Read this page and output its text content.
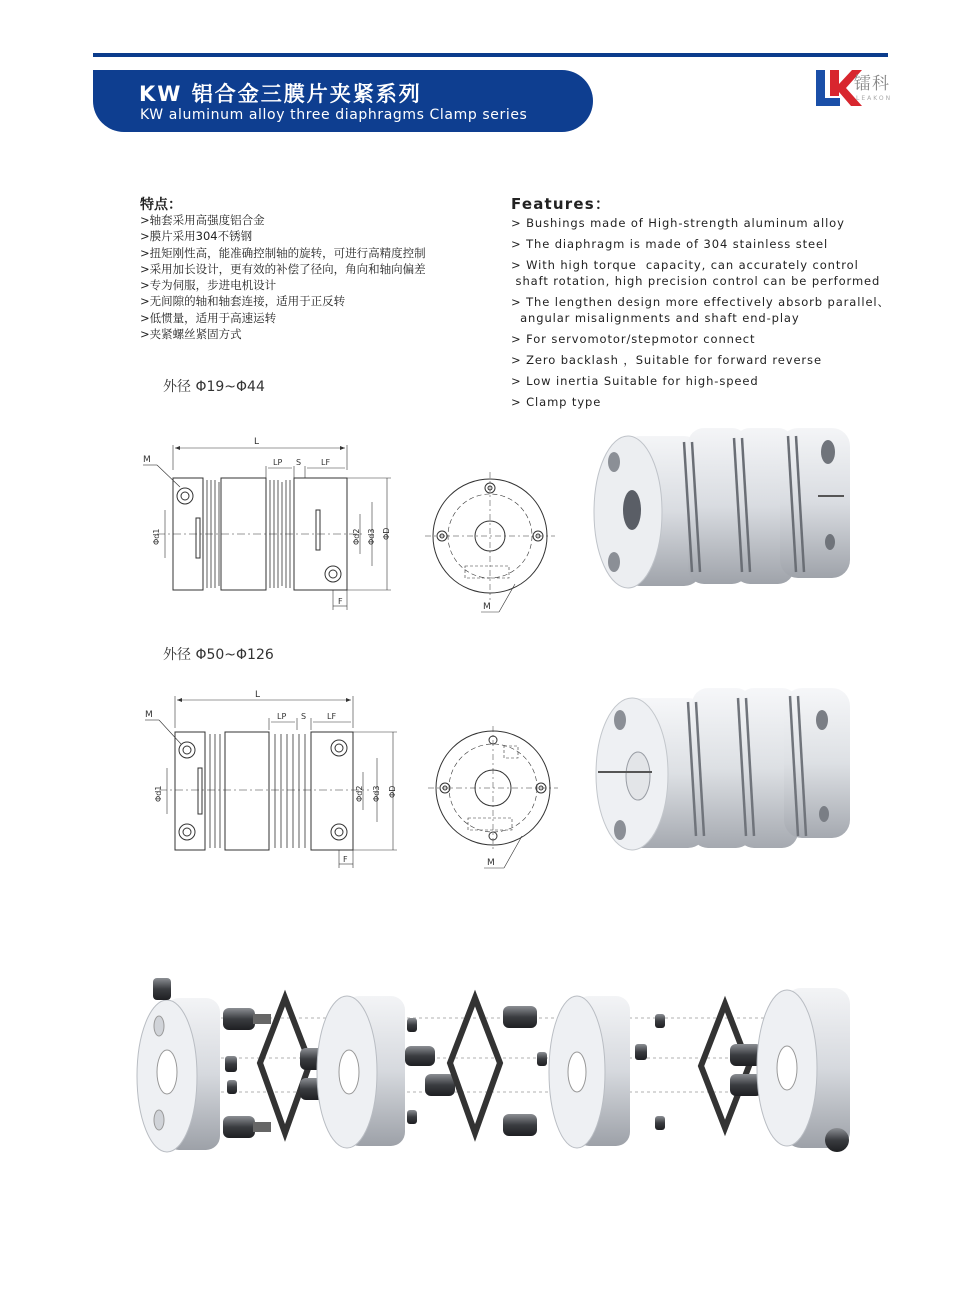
KW 铝合金三膜片夹紧系列
KW aluminum alloy three diaphragms Clamp series
镭科
LEAKON
特点：
>轴套采用高强度铝合金
>膜片采用304不锈钢
>扭矩刚性高，能准确控制轴的旋转，可进行高精度控制
>采用加长设计，更有效的补偿了径向，角向和轴向偏差
>专为伺服，步进电机设计
>无间隙的轴和轴套连接，适用于正反转
>低惯量，适用于高速运转
>夹紧螺丝紧固方式
Features：
> Bushings made of High-strength aluminum alloy
> The diaphragm is made of 304 stainless steel
> With high torque  capacity, can accurately control
shaft rotation, high precision control can be performed
> The lengthen design more effectively absorb parallel、
angular misalignments and shaft end-play
> For servomotor/stepmotor connect
> Zero backlash ，Suitable for forward reverse
> Low inertia Suitable for high-speed
> Clamp type
外径 Φ19~Φ44
L
LP S LF
M
Φd1	Φd2 Φd3 ΦD
F
M
外径 Φ50~Φ126
L
LP S	LF
M
Φd1	Φd2 Φd3 ΦD
F	M
